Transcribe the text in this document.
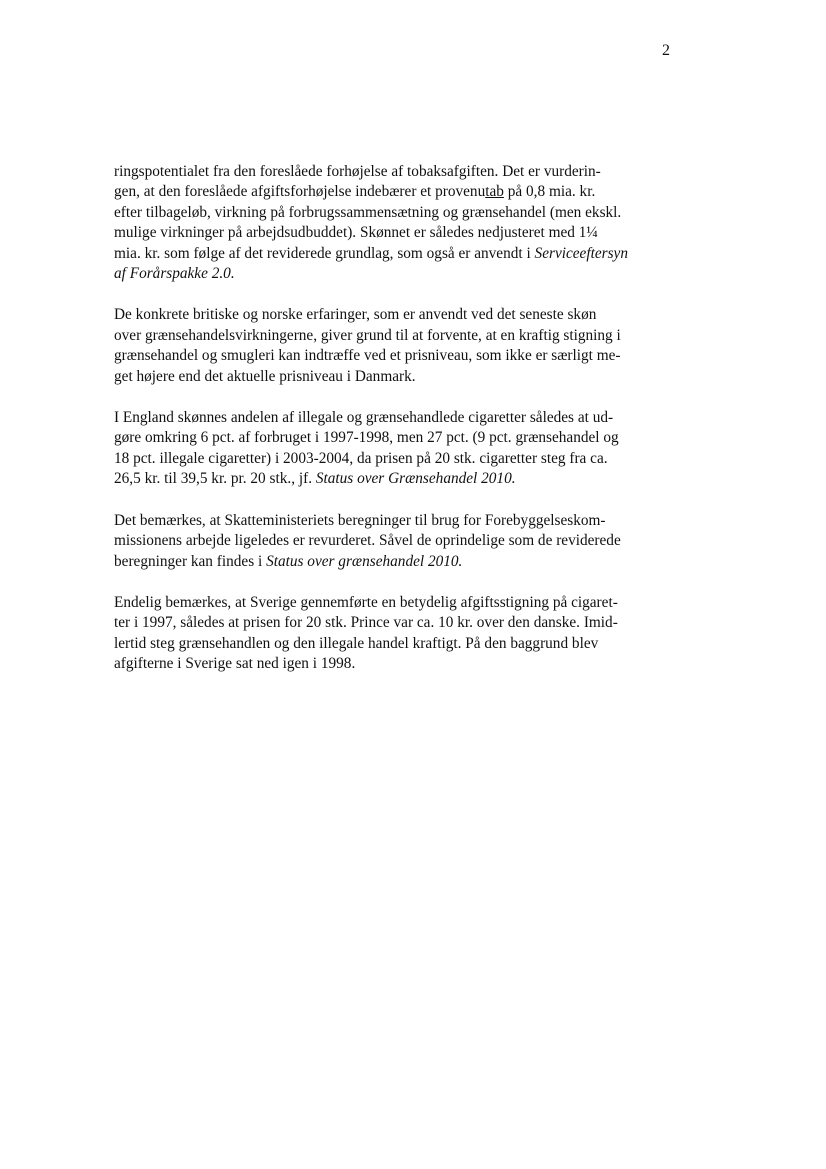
2

ringspotentialet fra den foreslåede forhøjelse af tobaksafgiften. Det er vurderin-
gen, at den foreslåede afgiftsforhøjelse indebærer et provenutab på 0,8 mia. kr.
efter tilbageløb, virkning på forbrugssammensætning og grænsehandel (men ekskl.
mulige virkninger på arbejdsudbuddet). Skønnet er således nedjusteret med 1¼
mia. kr. som følge af det reviderede grundlag, som også er anvendt i Serviceeftersyn
af Forårspakke 2.0.

De konkrete britiske og norske erfaringer, som er anvendt ved det seneste skøn
over grænsehandelsvirkningerne, giver grund til at forvente, at en kraftig stigning i
grænsehandel og smugleri kan indtræffe ved et prisniveau, som ikke er særligt me-
get højere end det aktuelle prisniveau i Danmark.

I England skønnes andelen af illegale og grænsehandlede cigaretter således at ud-
gøre omkring 6 pct. af forbruget i 1997-1998, men 27 pct. (9 pct. grænsehandel og
18 pct. illegale cigaretter) i 2003-2004, da prisen på 20 stk. cigaretter steg fra ca.
26,5 kr. til 39,5 kr. pr. 20 stk., jf. Status over Grænsehandel 2010.

Det bemærkes, at Skatteministeriets beregninger til brug for Forebyggelseskom-
missionens arbejde ligeledes er revurderet. Såvel de oprindelige som de reviderede
beregninger kan findes i Status over grænsehandel 2010.

Endelig bemærkes, at Sverige gennemførte en betydelig afgiftsstigning på cigaret-
ter i 1997, således at prisen for 20 stk. Prince var ca. 10 kr. over den danske. Imid-
lertid steg grænsehandlen og den illegale handel kraftigt. På den baggrund blev
afgifterne i Sverige sat ned igen i 1998.
